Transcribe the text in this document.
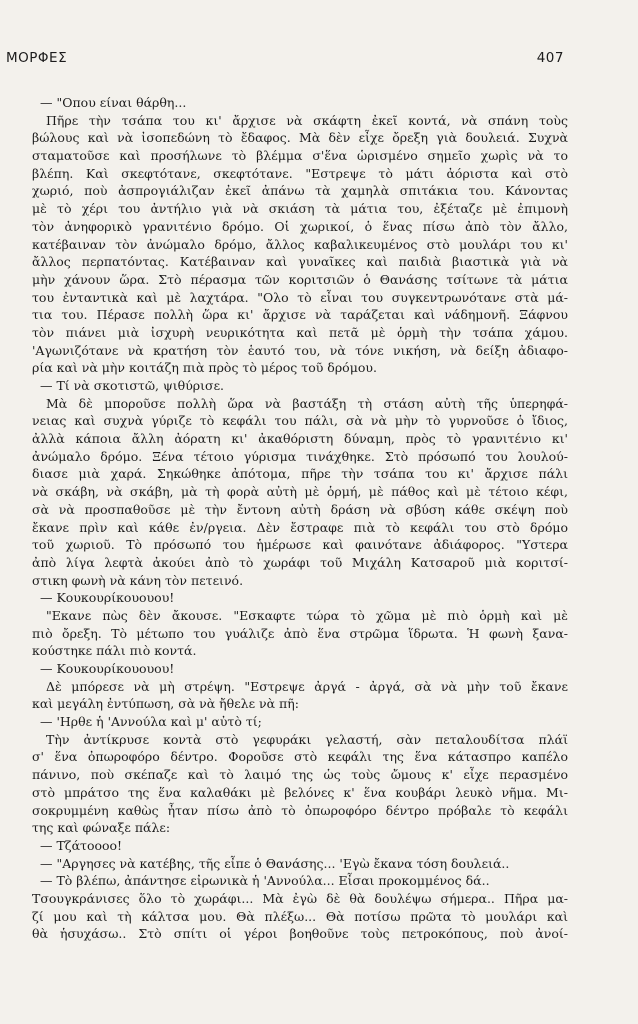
ΜΟΡΦΕΣ	407
— "Οπου είναι θάρθη...
Πῆρε τὴν τσάπα του κι' ἄρχισε νὰ σκάφτη ἐκεῖ κοντά, νὰ σπάνη τοὺς
βώλους καὶ νὰ ἰσοπεδώνη τὸ ἔδαφος. Μὰ δὲν εἶχε ὄρεξη γιὰ δουλειά. Συχνὰ
σταματοῦσε καὶ προσήλωνε τὸ βλέμμα σ'ἕνα ὡρισμένο σημεῖο χωρὶς νὰ το
βλέπη. Καὶ σκεφτότανε, σκεφτότανε. "Εστρεψε τὸ μάτι ἀόριστα καὶ στὸ
χωριό, ποὺ ἀσπρογιάλιζαν ἐκεῖ ἀπάνω τὰ χαμηλὰ σπιτάκια του. Κάνοντας
μὲ τὸ χέρι του ἀντήλιο γιὰ νὰ σκιάση τὰ μάτια του, ἐξέταζε μὲ ἐπιμονὴ
τὸν ἀνηφορικὸ γρανιτένιο δρόμο. Οἱ χωρικοί, ὁ ἕνας πίσω ἀπὸ τὸν ἄλλο,
κατέβαιναν τὸν ἀνώμαλο δρόμο, ἄλλος καβαλικευμένος στὸ μουλάρι του κι'
ἄλλος περπατόντας. Κατέβαιναν καὶ γυναῖκες καὶ παιδιὰ βιαστικὰ γιὰ νὰ
μὴν χάνουν ὥρα. Στὸ πέρασμα τῶν κοριτσιῶν ὁ Θανάσης τσίτωνε τὰ μάτια
του ἐνταντικὰ καὶ μὲ λαχτάρα. "Ολο τὸ εἶναι του συγκεντρωνότανε στὰ μά-
τια του. Πέρασε πολλὴ ὥρα κι' ἄρχισε νὰ ταράζεται καὶ νάδημονῆ. Ξάφνου
τὸν πιάνει μιὰ ἰσχυρὴ νευρικότητα καὶ πετᾶ μὲ ὁρμὴ τὴν τσάπα χάμου.
'Αγωνιζότανε νὰ κρατήση τὸν ἑαυτό του, νὰ τόνε νικήση, νὰ δείξη ἀδιαφο-
ρία καὶ νὰ μὴν κοιτάζη πιὰ πρὸς τὸ μέρος τοῦ δρόμου.
— Τί νὰ σκοτιστῶ, ψιθύρισε.
Μὰ δὲ μποροῦσε πολλὴ ὥρα νὰ βαστάξη τὴ στάση αὐτὴ τῆς ὑπερηφά-
νειας καὶ συχνὰ γύριζε τὸ κεφάλι του πάλι, σὰ νὰ μὴν τὸ γυρνοῦσε ὁ ἴδιος,
ἀλλὰ κάποια ἄλλη ἀόρατη κι' ἀκαθόριστη δύναμη, πρὸς τὸ γρανιτένιο κι'
ἀνώμαλο δρόμο. Ξένα τέτοιο γύρισμα τινάχθηκε. Στὸ πρόσωπό του λουλού-
διασε μιὰ χαρά. Σηκώθηκε ἀπότομα, πῆρε τὴν τσάπα του κι' ἄρχισε πάλι
νὰ σκάβη, νὰ σκάβη, μὰ τὴ φορὰ αὐτὴ μὲ ὁρμή, μὲ πάθος καὶ μὲ τέτοιο κέφι,
σὰ νὰ προσπαθοῦσε μὲ τὴν ἔντονη αὐτὴ δράση νὰ σβύση κάθε σκέψη ποὺ
ἔκανε πρὶν καὶ κάθε ἐν/ργεια. Δὲν ἔστραφε πιὰ τὸ κεφάλι του στὸ δρόμο
τοῦ χωριοῦ. Τὸ πρόσωπό του ἡμέρωσε καὶ φαινότανε ἀδιάφορος. "Υστερα
ἀπὸ λίγα λεφτὰ ἀκούει ἀπὸ τὸ χωράφι τοῦ Μιχάλη Κατσαροῦ μιὰ κοριτσί-
στικη φωνὴ νὰ κάνη τὸν πετεινό.
— Κουκουρίκουουου!
"Εκανε πὼς δὲν ἄκουσε. "Εσκαφτε τώρα τὸ χῶμα μὲ πιὸ ὁρμὴ καὶ μὲ
πιὸ ὄρεξη. Τὸ μέτωπο του γυάλιζε ἀπὸ ἕνα στρῶμα ἵδρωτα. Ἡ φωνὴ ξανα-
κούστηκε πάλι πιὸ κοντά.
— Κουκουρίκουουου!
Δὲ μπόρεσε νὰ μὴ στρέψη. "Εστρεψε ἀργά - ἀργά, σὰ νὰ μὴν τοῦ ἔκανε
καὶ μεγάλη ἐντύπωση, σὰ νὰ ἤθελε νὰ πῆ:
— 'Ηρθε ἡ 'Αννούλα καὶ μ' αὐτὸ τί;
Τὴν ἀντίκρυσε κοντὰ στὸ γεφυράκι γελαστή, σὰν πεταλουδίτσα πλάϊ
σ' ἕνα ὀπωροφόρο δέντρο. Φοροῦσε στὸ κεφάλι της ἕνα κάτασπρο καπέλο
πάνινο, ποὺ σκέπαζε καὶ τὸ λαιμό της ὡς τοὺς ὤμους κ' εἶχε περασμένο
στὸ μπράτσο της ἕνα καλαθάκι μὲ βελόνες κ' ἕνα κουβάρι λευκὸ νῆμα. Μι-
σοκρυμμένη καθὼς ἦταν πίσω ἀπὸ τὸ ὀπωροφόρο δέντρο πρόβαλε τὸ κεφάλι
της καὶ φώναξε πάλε:
— Τζάτοοοο!
— "Αργησες νὰ κατέβης, τῆς εἶπε ὁ Θανάσης... 'Εγὼ ἔκανα τόση δουλειά..
— Τὸ βλέπω, ἀπάντησε εἰρωνικὰ ἡ 'Αννούλα... Εἶσαι προκομμένος δά..
Τσουγκράνισες ὅλο τὸ χωράφι... Μὰ ἐγὼ δὲ θὰ δουλέψω σήμερα.. Πῆρα μα-
ζί μου καὶ τὴ κάλτσα μου. Θὰ πλέξω... Θὰ ποτίσω πρῶτα τὸ μουλάρι καὶ
θὰ ἡσυχάσω.. Στὸ σπίτι οἱ γέροι βοηθοῦνε τοὺς πετροκόπους, ποὺ ἀνοί-
